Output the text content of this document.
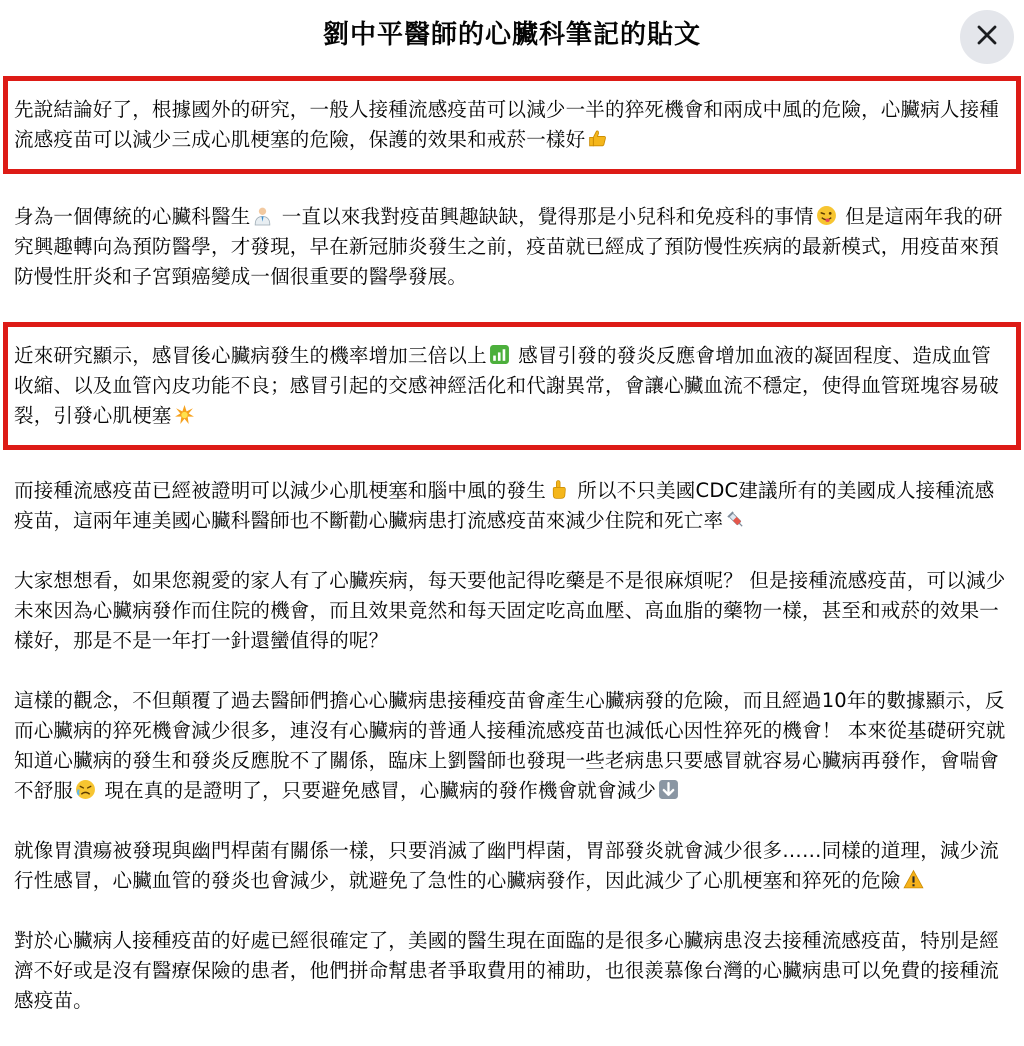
劉中平醫師的心臟科筆記的貼文

先說結論好了，根據國外的研究，一般人接種流感疫苗可以減少一半的猝死機會和兩成中風的危險，心臟病人接種流感疫苗可以減少三成心肌梗塞的危險，保護的效果和戒菸一樣好

身為一個傳統的心臟科醫生
一直以來我對疫苗興趣缺缺，覺得那是小兒科和免疫科的事情
但是這兩年我的研究興趣轉向為預防醫學，才發現，早在新冠肺炎發生之前，疫苗就已經成了預防慢性疾病的最新模式，用疫苗來預防慢性肝炎和子宮頸癌變成一個很重要的醫學發展。

近來研究顯示，感冒後心臟病發生的機率增加三倍以上
感冒引發的發炎反應會增加血液的凝固程度、造成血管收縮、以及血管內皮功能不良；感冒引起的交感神經活化和代謝異常，會讓心臟血流不穩定，使得血管斑塊容易破裂，引發心肌梗塞

而接種流感疫苗已經被證明可以減少心肌梗塞和腦中風的發生
所以不只美國CDC建議所有的美國成人接種流感疫苗，這兩年連美國心臟科醫師也不斷勸心臟病患打流感疫苗來減少住院和死亡率

大家想想看，如果您親愛的家人有了心臟疾病，每天要他記得吃藥是不是很麻煩呢？ 但是接種流感疫苗，可以減少未來因為心臟病發作而住院的機會，而且效果竟然和每天固定吃高血壓、高血脂的藥物一樣，甚至和戒菸的效果一樣好，那是不是一年打一針還蠻值得的呢？

這樣的觀念，不但顛覆了過去醫師們擔心心臟病患接種疫苗會產生心臟病發的危險，而且經過10年的數據顯示，反而心臟病的猝死機會減少很多，連沒有心臟病的普通人接種流感疫苗也減低心因性猝死的機會！ 本來從基礎研究就知道心臟病的發生和發炎反應脫不了關係，臨床上劉醫師也發現一些老病患只要感冒就容易心臟病再發作，會喘會不舒服
現在真的是證明了，只要避免感冒，心臟病的發作機會就會減少

就像胃潰瘍被發現與幽門桿菌有關係一樣，只要消滅了幽門桿菌，胃部發炎就會減少很多……同樣的道理，減少流行性感冒，心臟血管的發炎也會減少，就避免了急性的心臟病發作，因此減少了心肌梗塞和猝死的危險

對於心臟病人接種疫苗的好處已經很確定了，美國的醫生現在面臨的是很多心臟病患沒去接種流感疫苗，特別是經濟不好或是沒有醫療保險的患者，他們拼命幫患者爭取費用的補助，也很羨慕像台灣的心臟病患可以免費的接種流感疫苗。
